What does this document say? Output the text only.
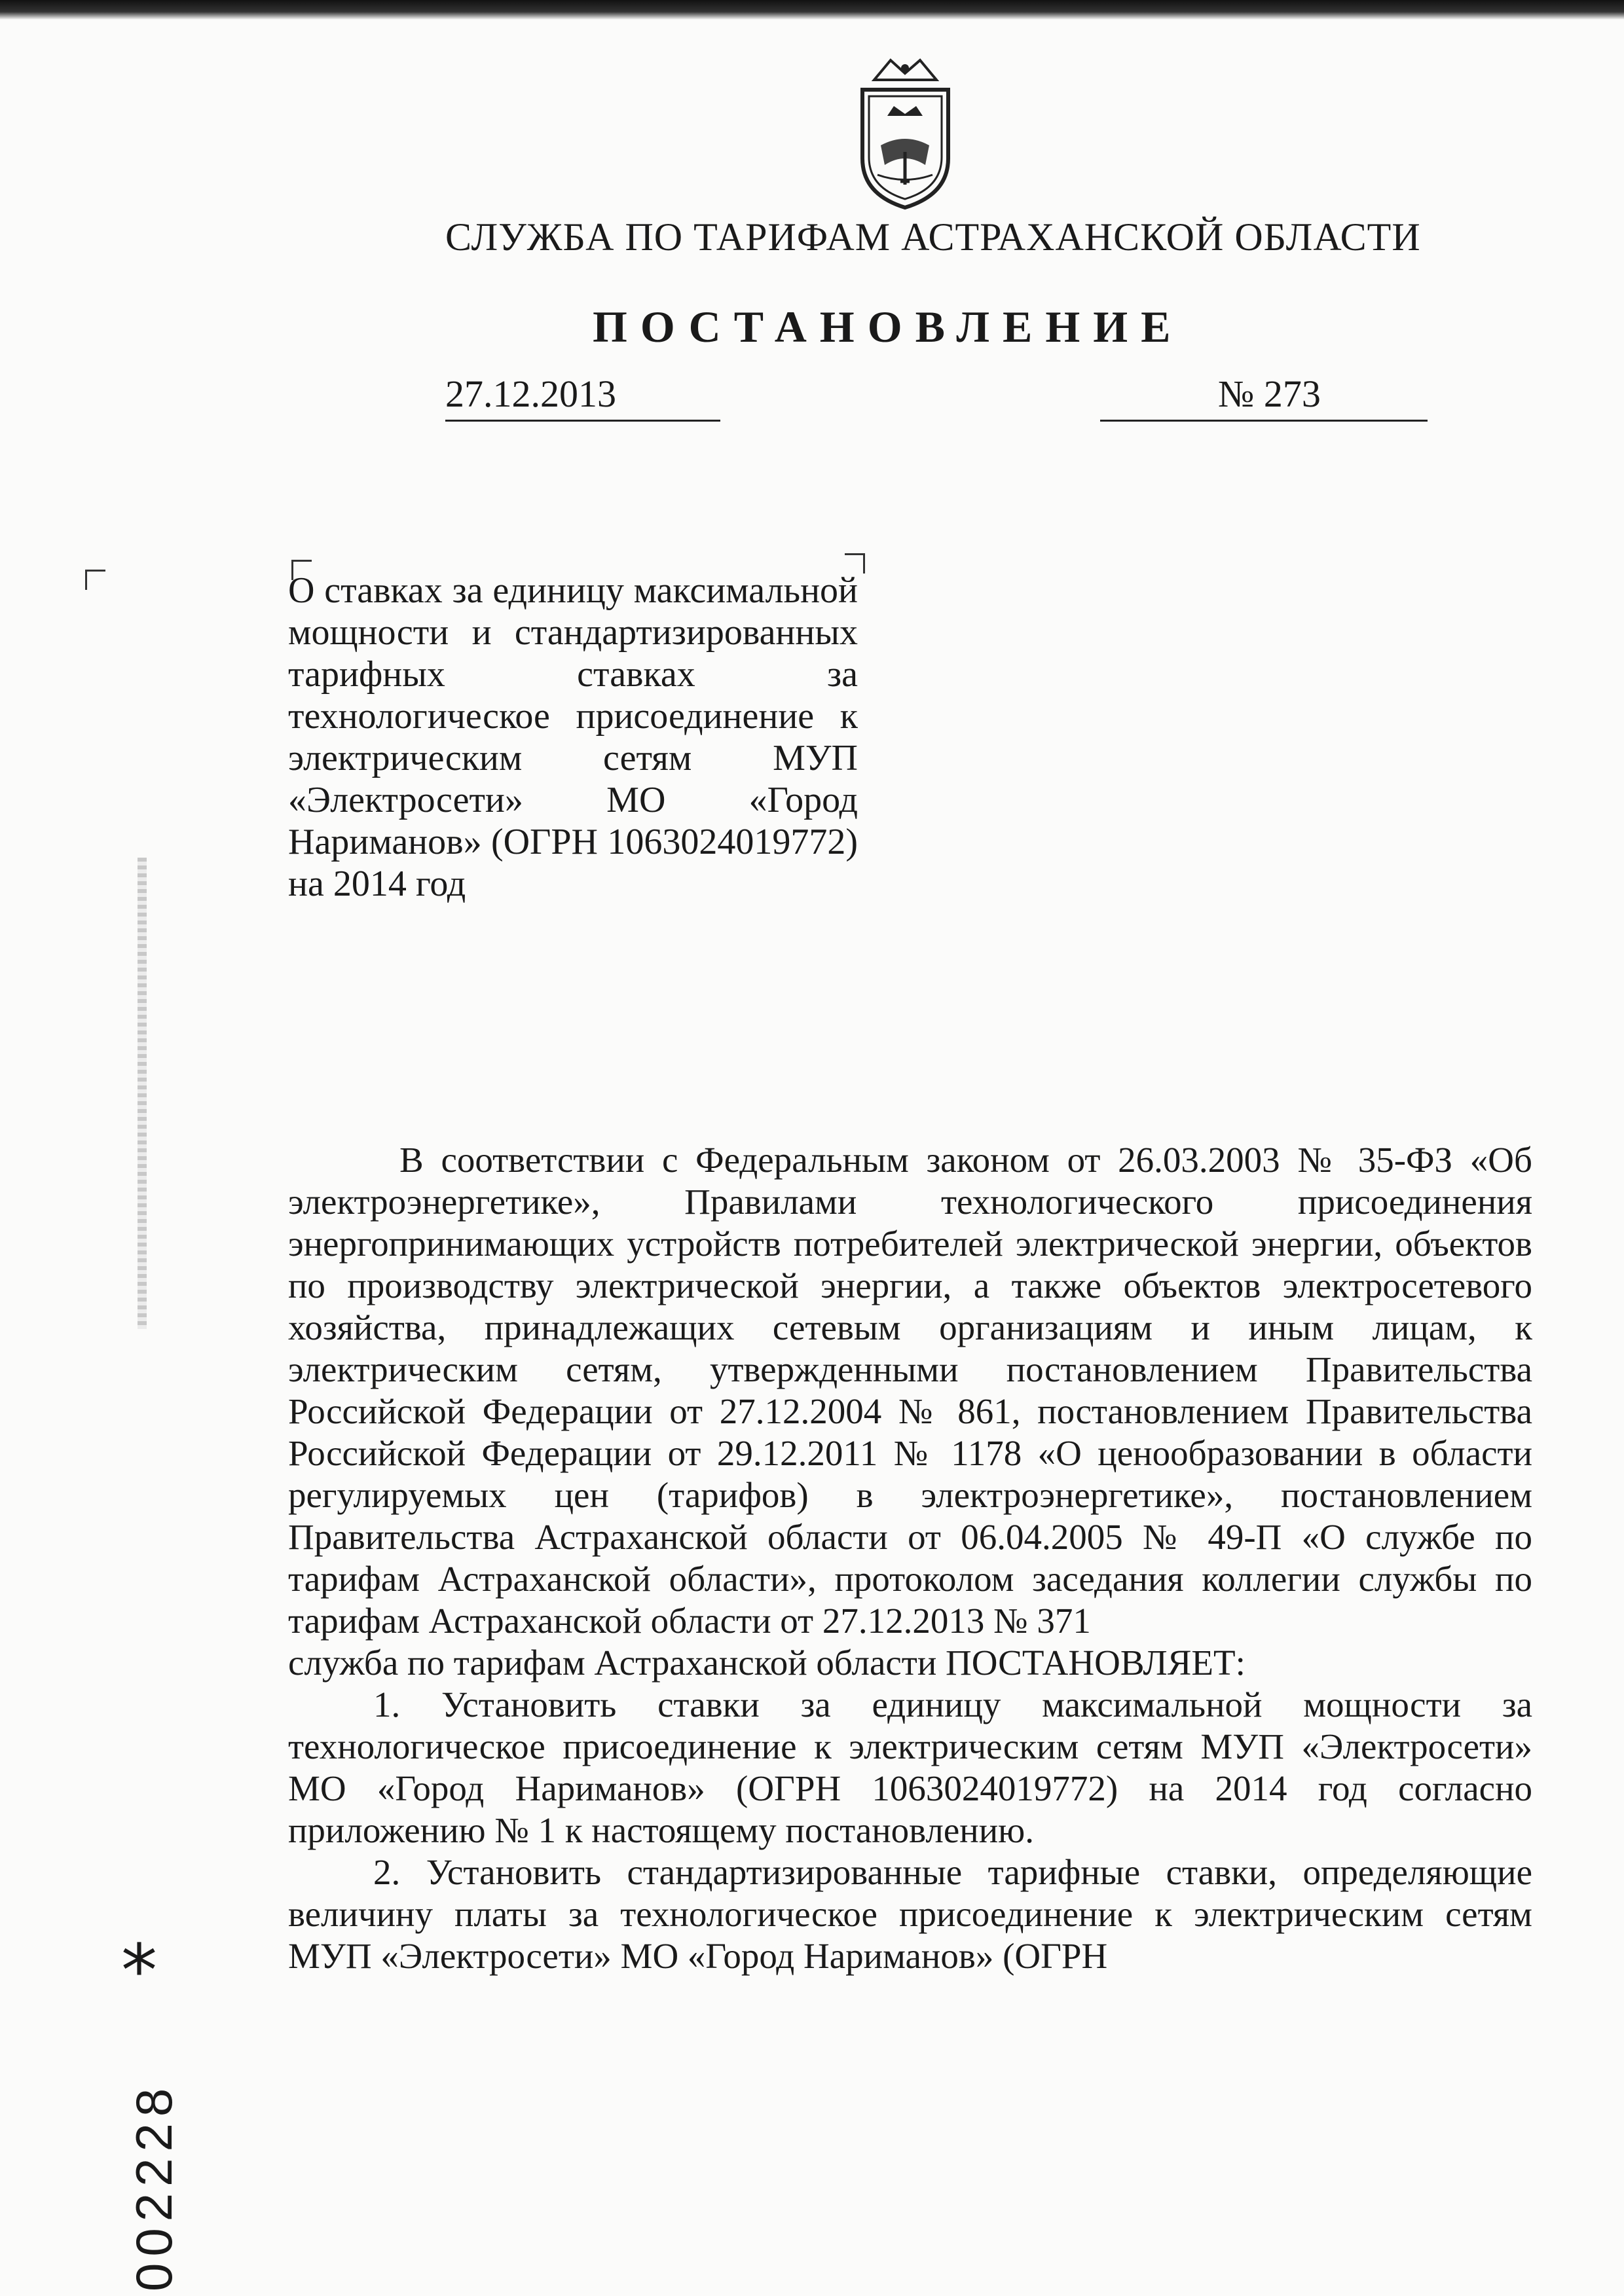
СЛУЖБА ПО ТАРИФАМ АСТРАХАНСКОЙ ОБЛАСТИ
ПОСТАНОВЛЕНИЕ
27.12.2013	№ 273
О ставках за единицу максимальной мощности и стандартизированных тарифных ставках за технологическое присоединение к электрическим сетям МУП «Электросети» МО «Город Нариманов» (ОГРН 1063024019772) на 2014 год

В соответствии с Федеральным законом от 26.03.2003 № 35-ФЗ «Об электроэнергетике», Правилами технологического присоединения энергопринимающих устройств потребителей электрической энергии, объектов по производству электрической энергии, а также объектов электросетевого хозяйства, принадлежащих сетевым организациям и иным лицам, к электрическим сетям, утвержденными постановлением Правительства Российской Федерации от 27.12.2004 № 861, постановлением Правительства Российской Федерации от 29.12.2011 № 1178 «О ценообразовании в области регулируемых цен (тарифов) в электроэнергетике», постановлением Правительства Астраханской области от 06.04.2005 № 49-П «О службе по тарифам Астраханской области», протоколом заседания коллегии службы по тарифам Астраханской области от 27.12.2013 № 371

служба по тарифам Астраханской области ПОСТАНОВЛЯЕТ:

1. Установить ставки за единицу максимальной мощности за технологическое присоединение к электрическим сетям МУП «Электросети» МО «Город Нариманов» (ОГРН 1063024019772) на 2014 год согласно приложению № 1 к настоящему постановлению.

2. Установить стандартизированные тарифные ставки, определяющие величину платы за технологическое присоединение к электрическим сетям МУП «Электросети» МО «Город Нариманов» (ОГРН

*
002228
